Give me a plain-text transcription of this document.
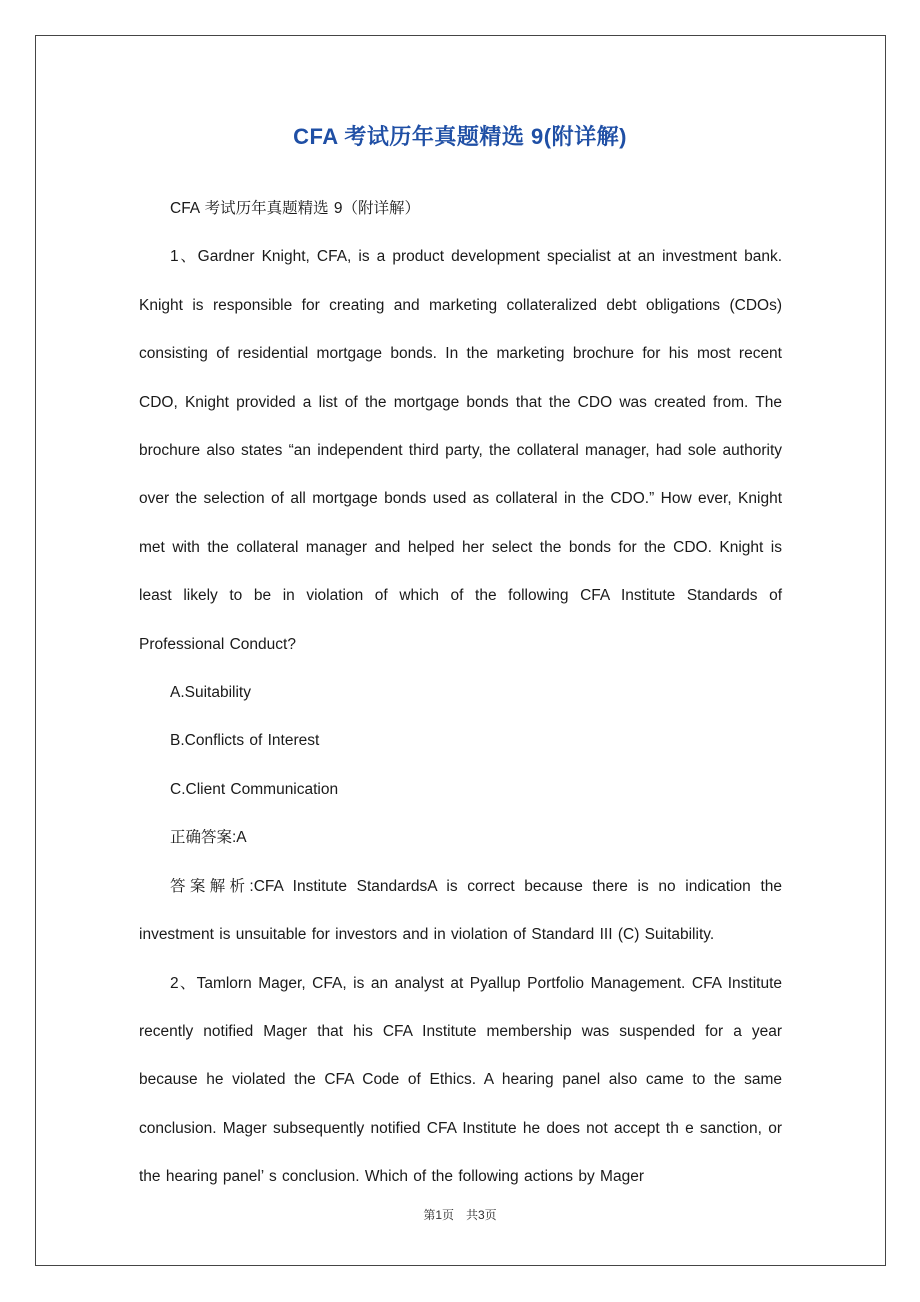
CFA 考试历年真题精选 9(附详解)

CFA 考试历年真题精选 9（附详解）

1、Gardner Knight, CFA, is a product development specialist at an investment bank. Knight is responsible for creating and marketing collateralized debt obligations (CDOs) consisting of residential mortgage bonds. In the marketing brochure for his most recent CDO, Knight provided a list of the mortgage bonds that the CDO was created from. The brochure also states “an independent third party, the collateral manager, had sole authority over the selection of all mortgage bonds used as collateral in the CDO.” How ever, Knight met with the collateral manager and helped her select the bonds for the CDO. Knight is least likely to be in violation of which of the following CFA Institute Standards of Professional Conduct?

A.Suitability

B.Conflicts of Interest

C.Client Communication

正确答案:A

答案解析:CFA Institute StandardsA is correct because there is no indication the investment is unsuitable for investors and in violation of Standard III (C) Suitability.

2、Tamlorn Mager, CFA, is an analyst at Pyallup Portfolio Management. CFA Institute recently notified Mager that his CFA Institute membership was suspended for a year because he violated the CFA Code of Ethics. A hearing panel also came to the same conclusion. Mager subsequently notified CFA Institute he does not accept th e sanction, or the hearing panel’ s conclusion. Which of the following actions by Mager

第1页　共3页
